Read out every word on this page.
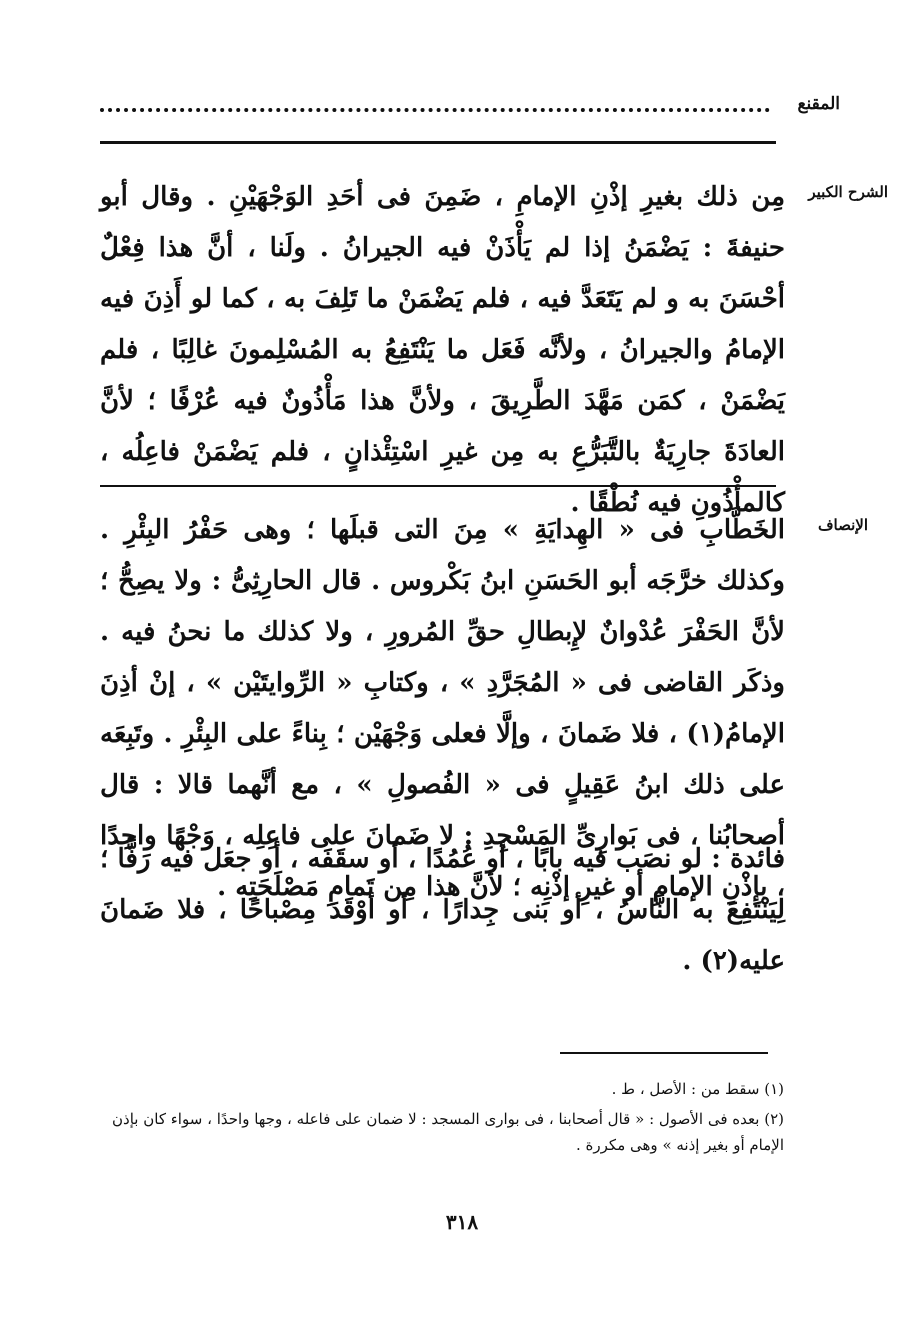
المقنع
الشرح الكبير
مِن ذلك بغيرِ إذْنِ الإمامِ ، ضَمِنَ فى أحَدِ الوَجْهَيْنِ . وقال أبو حنيفةَ : يَضْمَنُ إذا لم يَأْذَنْ فيه الجيرانُ . ولَنا ، أنَّ هذا فِعْلٌ أحْسَنَ به و لم يَتَعَدَّ فيه ، فلم يَضْمَنْ ما تَلِفَ به ، كما لو أَذِنَ فيه الإمامُ والجيرانُ ، ولأنَّه فَعَل ما يَنْتَفِعُ به المُسْلِمونَ غالِبًا ، فلم يَضْمَنْ ، كمَن مَهَّدَ الطَّرِيقَ ، ولأنَّ هذا مَأْذُونٌ فيه عُرْفًا ؛ لأنَّ العادَةَ جارِيَةٌ بالتَّبَرُّعِ به مِن غيرِ اسْتِئْذانٍ ، فلم يَضْمَنْ فاعِلُه ، كالمأْذُونِ فيه نُطْقًا .
الإنصاف
الخَطَّابِ فى « الهِدايَةِ » مِنَ التى قبلَها ؛ وهى حَفْرُ البِئْرِ . وكذلك خرَّجَه أبو الحَسَنِ ابنُ بَكْروس . قال الحارِثِىُّ : ولا يصِحُّ ؛ لأنَّ الحَفْرَ عُدْوانٌ لإِبطالِ حقِّ المُرورِ ، ولا كذلك ما نحنُ فيه . وذكَر القاضى فى « المُجَرَّدِ » ، وكتابِ « الرِّوايتَيْن » ، إنْ أذِنَ الإمامُ(١) ، فلا ضَمانَ ، وإلَّا فعلى وَجْهَيْن ؛ بِناءً على البِئْرِ . وتَبِعَه على ذلك ابنُ عَقِيلٍ فى « الفُصولِ » ، مع أنَّهما قالا : قال أصحابُنا ، فى بَوارِىِّ المَسْجِدِ : لا ضَمانَ على فاعِلِه ، وَجْهًا واحِدًا ، بإذْنِ الإمامِ أو غيرِ إذْنِه ؛ لأنَّ هذا مِن تَمامِ مَصْلَحَتِه .
فائدة : لو نصَب فيه بابًا ، أو عُمُدًا ، أو سقَفَه ، أو جعَل فيه رَفًّا ؛ لِيَنْتَفِعَ به النَّاسُ ، أو بَنى جِدارًا ، أو أوْقَدَ مِصْباحًا ، فلا ضَمانَ عليه(٢) .

(١) سقط من : الأصل ، ط .

(٢) بعده فى الأصول : « قال أصحابنا ، فى بوارى المسجد : لا ضمان على فاعله ، وجها واحدًا ، سواء كان بإذن الإمام أو بغير إذنه » وهى مكررة .

٣١٨
